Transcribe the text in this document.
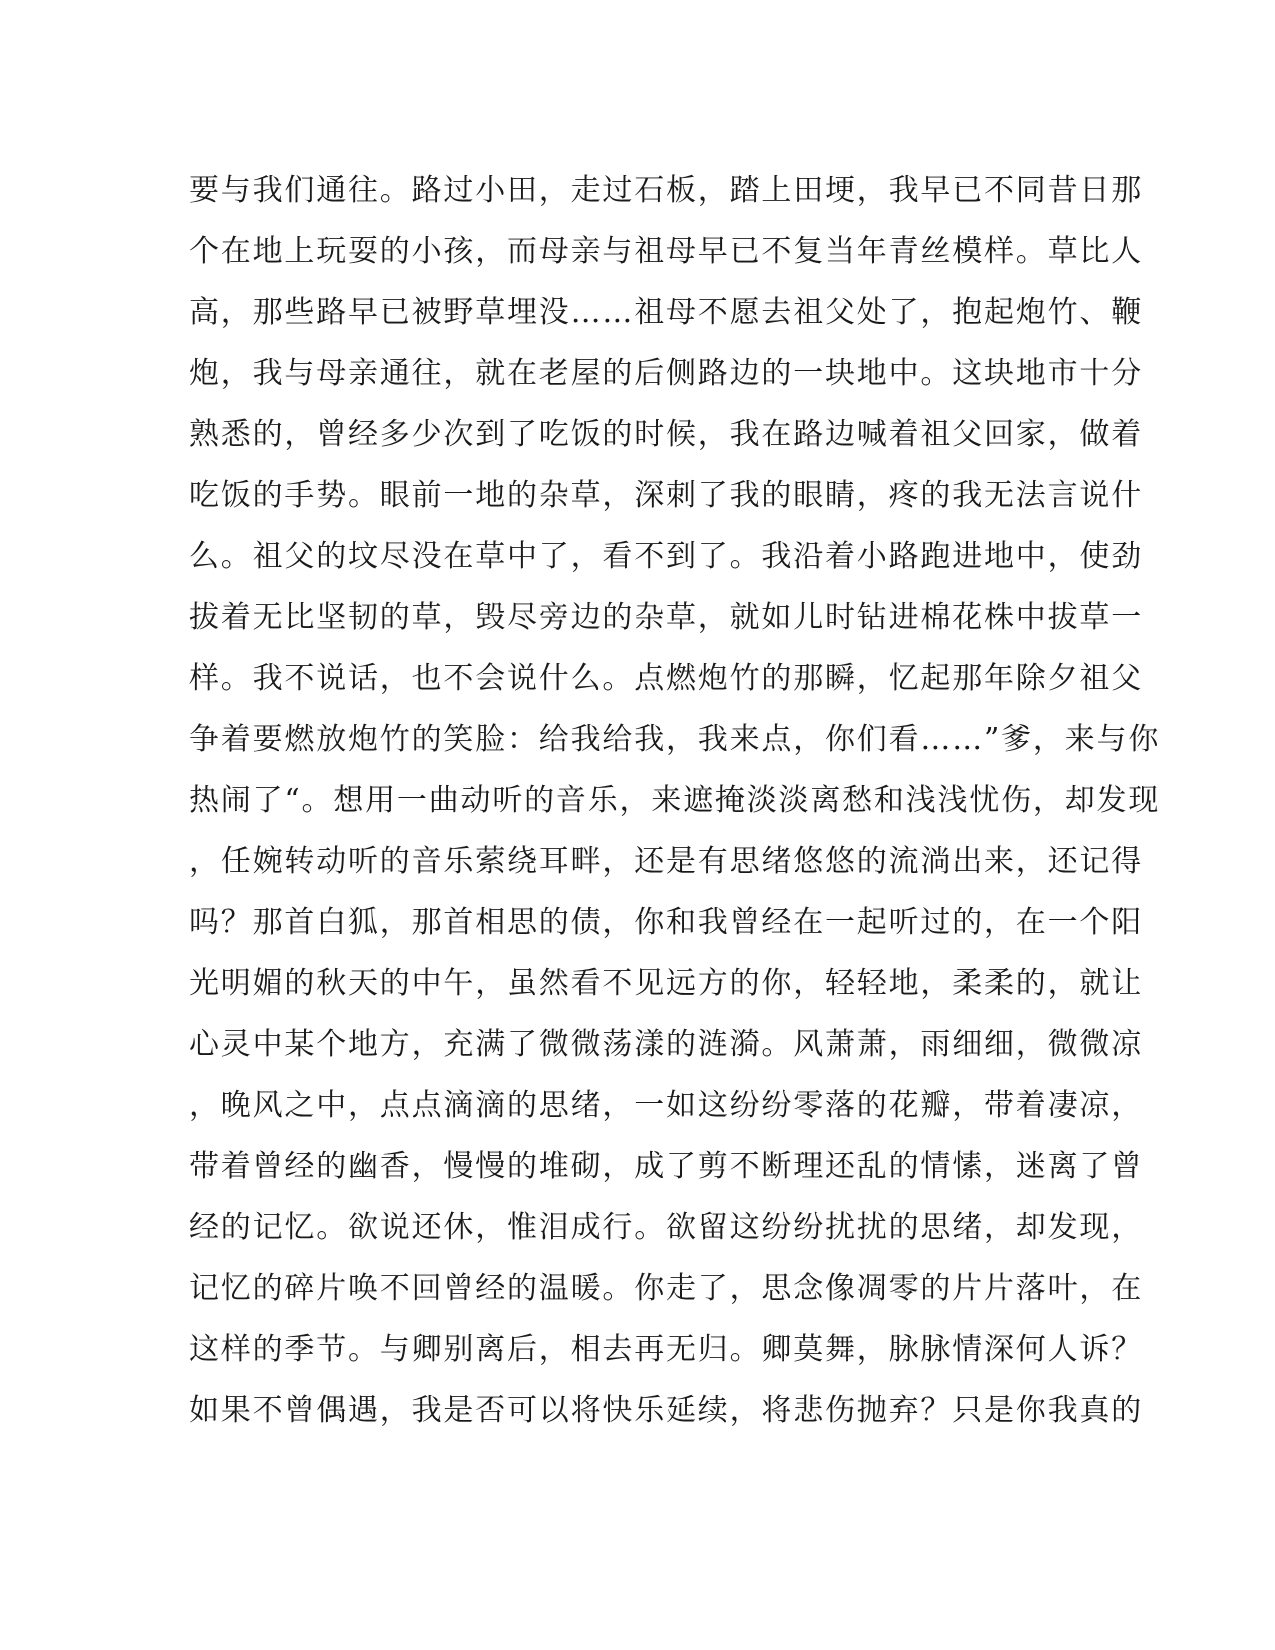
要与我们通往。路过小田，走过石板，踏上田埂，我早已不同昔日那
个在地上玩耍的小孩，而母亲与祖母早已不复当年青丝模样。草比人
高，那些路早已被野草埋没……祖母不愿去祖父处了，抱起炮竹、鞭
炮，我与母亲通往，就在老屋的后侧路边的一块地中。这块地市十分
熟悉的，曾经多少次到了吃饭的时候，我在路边喊着祖父回家，做着
吃饭的手势。眼前一地的杂草，深刺了我的眼睛，疼的我无法言说什
么。祖父的坟尽没在草中了，看不到了。我沿着小路跑进地中，使劲
拔着无比坚韧的草，毁尽旁边的杂草，就如儿时钻进棉花株中拔草一
样。我不说话，也不会说什么。点燃炮竹的那瞬，忆起那年除夕祖父
争着要燃放炮竹的笑脸：给我给我，我来点，你们看……”爹，来与你
热闹了“。想用一曲动听的音乐，来遮掩淡淡离愁和浅浅忧伤，却发现
，任婉转动听的音乐萦绕耳畔，还是有思绪悠悠的流淌出来，还记得
吗？那首白狐，那首相思的债，你和我曾经在一起听过的，在一个阳
光明媚的秋天的中午，虽然看不见远方的你，轻轻地，柔柔的，就让
心灵中某个地方，充满了微微荡漾的涟漪。风萧萧，雨细细，微微凉
，晚风之中，点点滴滴的思绪，一如这纷纷零落的花瓣，带着凄凉，
带着曾经的幽香，慢慢的堆砌，成了剪不断理还乱的情愫，迷离了曾
经的记忆。欲说还休，惟泪成行。欲留这纷纷扰扰的思绪，却发现，
记忆的碎片唤不回曾经的温暖。你走了，思念像凋零的片片落叶，在
这样的季节。与卿别离后，相去再无归。卿莫舞，脉脉情深何人诉？
如果不曾偶遇，我是否可以将快乐延续，将悲伤抛弃？只是你我真的
